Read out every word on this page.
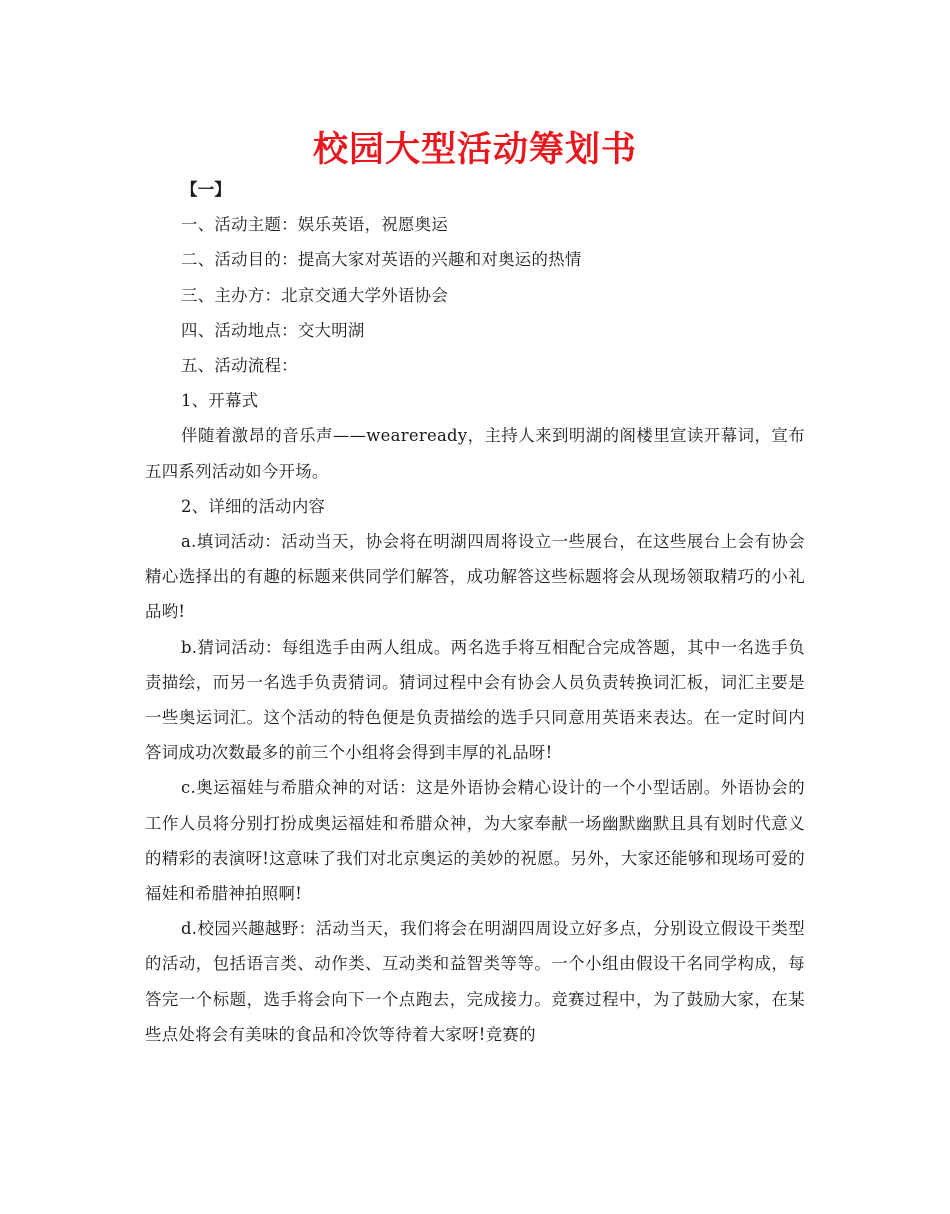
校园大型活动筹划书

【一】

一、活动主题：娱乐英语，祝愿奥运

二、活动目的：提高大家对英语的兴趣和对奥运的热情

三、主办方：北京交通大学外语协会

四、活动地点：交大明湖

五、活动流程：

1、开幕式

伴随着激昂的音乐声——weareready，主持人来到明湖的阁楼里宣读开幕词，宣布五四系列活动如今开场。

2、详细的活动内容

a.填词活动：活动当天，协会将在明湖四周将设立一些展台，在这些展台上会有协会精心选择出的有趣的标题来供同学们解答，成功解答这些标题将会从现场领取精巧的小礼品哟!

b.猜词活动：每组选手由两人组成。两名选手将互相配合完成答题，其中一名选手负责描绘，而另一名选手负责猜词。猜词过程中会有协会人员负责转换词汇板，词汇主要是一些奥运词汇。这个活动的特色便是负责描绘的选手只同意用英语来表达。在一定时间内答词成功次数最多的前三个小组将会得到丰厚的礼品呀!

c.奥运福娃与希腊众神的对话：这是外语协会精心设计的一个小型话剧。外语协会的工作人员将分别打扮成奥运福娃和希腊众神，为大家奉献一场幽默幽默且具有划时代意义的精彩的表演呀!这意味了我们对北京奥运的美妙的祝愿。另外，大家还能够和现场可爱的福娃和希腊神拍照啊!

d.校园兴趣越野：活动当天，我们将会在明湖四周设立好多点，分别设立假设干类型的活动，包括语言类、动作类、互动类和益智类等等。一个小组由假设干名同学构成，每答完一个标题，选手将会向下一个点跑去，完成接力。竞赛过程中，为了鼓励大家，在某些点处将会有美味的食品和冷饮等待着大家呀!竞赛的
